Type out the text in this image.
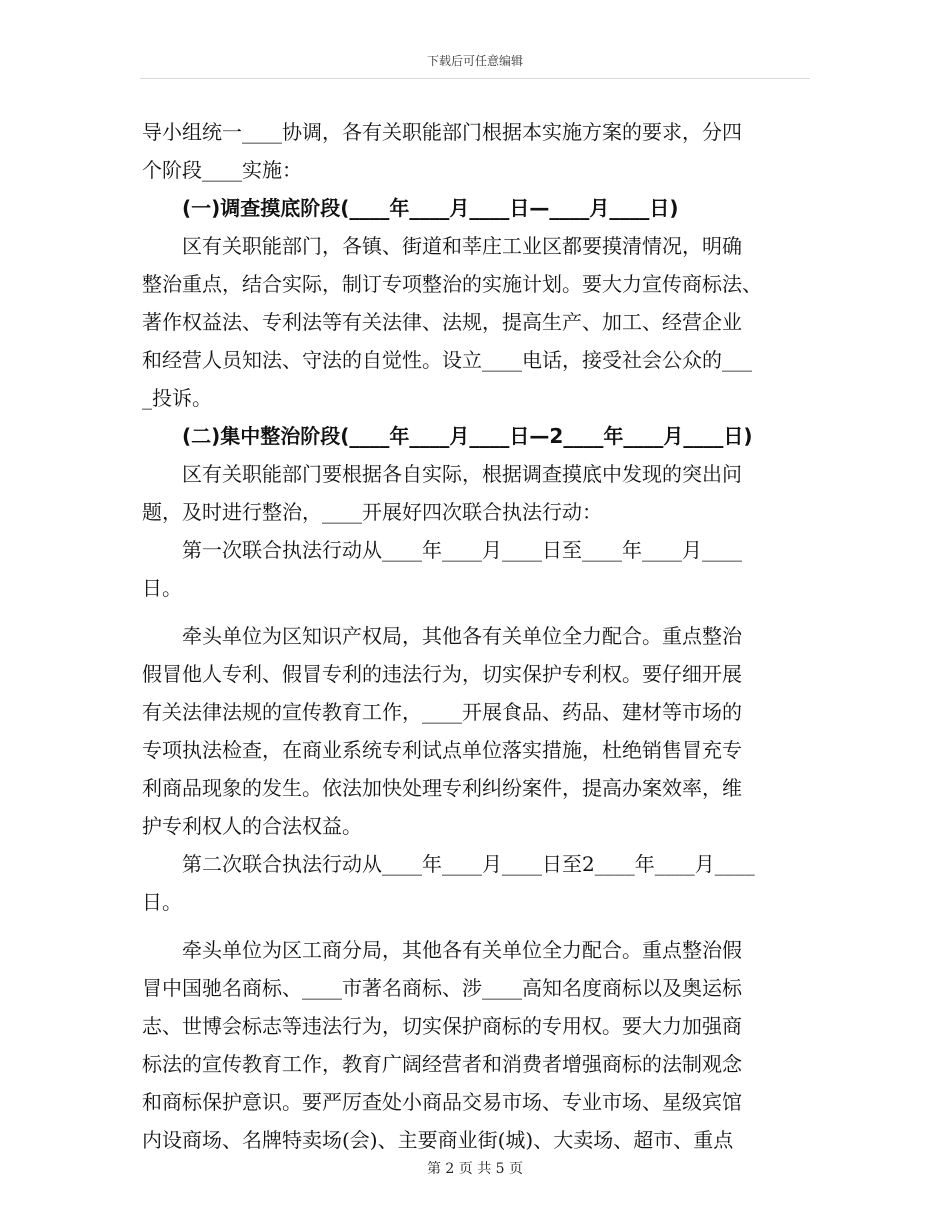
下载后可任意编辑
导小组统一____协调，各有关职能部门根据本实施方案的要求，分四
个阶段____实施：
　　(一)调查摸底阶段(____年____月____日—____月____日)
　　区有关职能部门，各镇、街道和莘庄工业区都要摸清情况，明确
整治重点，结合实际，制订专项整治的实施计划。要大力宣传商标法、
著作权益法、专利法等有关法律、法规，提高生产、加工、经营企业
和经营人员知法、守法的自觉性。设立____电话，接受社会公众的___
_投诉。
　　(二)集中整治阶段(____年____月____日—2____年____月____日)
　　区有关职能部门要根据各自实际，根据调查摸底中发现的突出问
题，及时进行整治，____开展好四次联合执法行动：
　　第一次联合执法行动从____年____月____日至____年____月____
日。
　　牵头单位为区知识产权局，其他各有关单位全力配合。重点整治
假冒他人专利、假冒专利的违法行为，切实保护专利权。要仔细开展
有关法律法规的宣传教育工作，____开展食品、药品、建材等市场的
专项执法检查，在商业系统专利试点单位落实措施，杜绝销售冒充专
利商品现象的发生。依法加快处理专利纠纷案件，提高办案效率，维
护专利权人的合法权益。
　　第二次联合执法行动从____年____月____日至2____年____月____
日。
　　牵头单位为区工商分局，其他各有关单位全力配合。重点整治假
冒中国驰名商标、____市著名商标、涉____高知名度商标以及奥运标
志、世博会标志等违法行为，切实保护商标的专用权。要大力加强商
标法的宣传教育工作，教育广阔经营者和消费者增强商标的法制观念
和商标保护意识。要严厉查处小商品交易市场、专业市场、星级宾馆
内设商场、名牌特卖场(会)、主要商业街(城)、大卖场、超市、重点
第 2 页 共 5 页
